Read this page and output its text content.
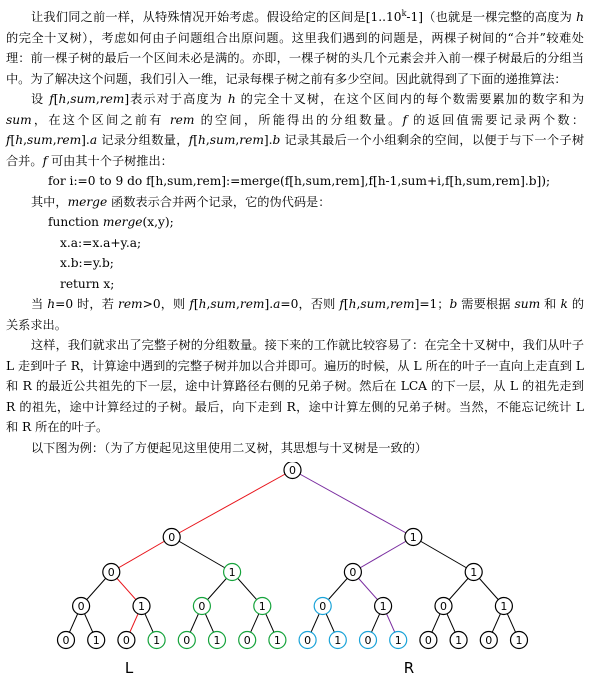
让我们同之前一样，从特殊情况开始考虑。假设给定的区间是[1..10$^k$-1]（也就是一棵完整的高度为 h 的完全十叉树），考虑如何由子问题组合出原问题。这里我们遇到的问题是，两棵子树间的“合并”较难处理：前一棵子树的最后一个区间未必是满的。亦即，一棵子树的头几个元素会并入前一棵子树最后的分组当中。为了解决这个问题，我们引入一维，记录每棵子树之前有多少空间。因此就得到了下面的递推算法：

设 f[h,sum,rem]表示对于高度为 h 的完全十叉树，在这个区间内的每个数需要累加的数字和为 sum，在这个区间之前有 rem 的空间，所能得出的分组数量。f 的返回值需要记录两个数：f[h,sum,rem].a 记录分组数量，f[h,sum,rem].b 记录其最后一个小组剩余的空间，以便于与下一个子树合并。f 可由其十个子树推出：

for i:=0 to 9 do f[h,sum,rem]:=merge(f[h,sum,rem],f[h-1,sum+i,f[h,sum,rem].b]);

其中，merge 函数表示合并两个记录，它的伪代码是：

function merge(x,y);

x.a:=x.a+y.a;

x.b:=y.b;

return x;

当 h=0 时，若 rem>0，则 f[h,sum,rem].a=0，否则 f[h,sum,rem]=1；b 需要根据 sum 和 k 的关系求出。

这样，我们就求出了完整子树的分组数量。接下来的工作就比较容易了：在完全十叉树中，我们从叶子 L 走到叶子 R，计算途中遇到的完整子树并加以合并即可。遍历的时候，从 L 所在的叶子一直向上走直到 L 和 R 的最近公共祖先的下一层，途中计算路径右侧的兄弟子树。然后在 LCA 的下一层，从 L 的祖先走到 R 的祖先，途中计算经过的子树。最后，向下走到 R，途中计算左侧的兄弟子树。当然，不能忘记统计 L 和 R 所在的叶子。

以下图为例：（为了方便起见这里使用二叉树，其思想与十叉树是一致的）

0
0	1
0	1	0	1
0	1	0	1	0	1	0	1
0 1 0 1 0 1 0 1 0 1 0 1 0 1 0 1
L	R
